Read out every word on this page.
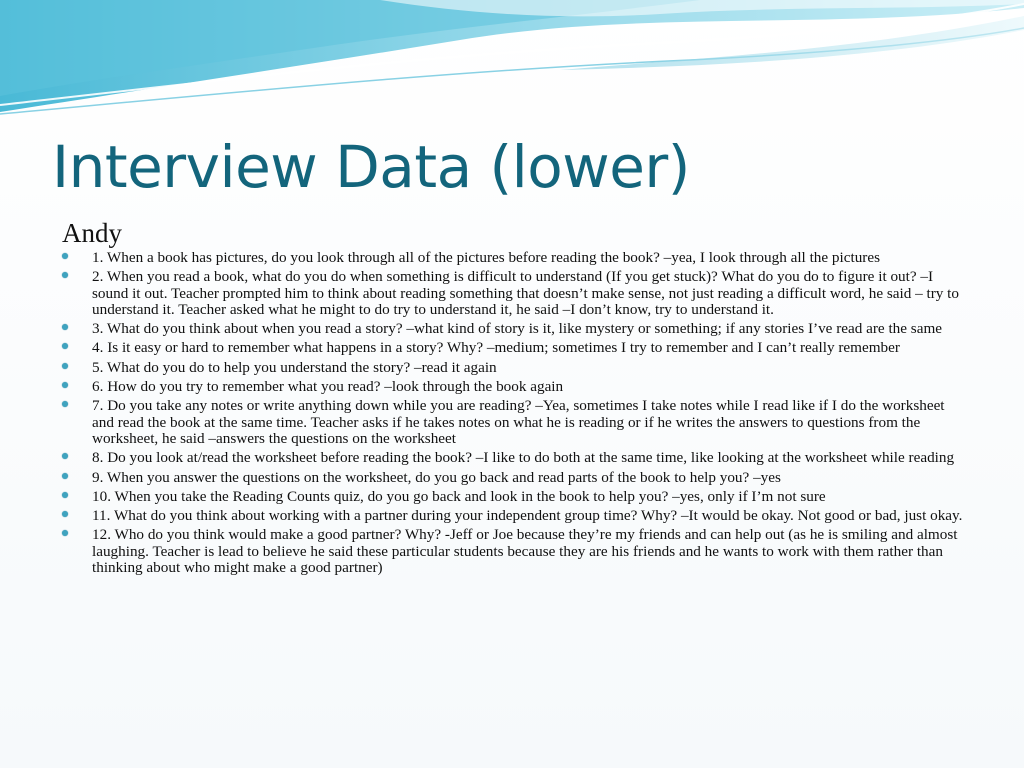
Interview Data (lower)
Andy
1. When a book has pictures, do you look through all of the pictures before reading the book? –yea, I look through all the pictures
2. When you read a book, what do you do when something is difficult to understand (If you get stuck)? What do you do to figure it out? –I sound it out. Teacher prompted him to think about reading something that doesn’t make sense, not just reading a difficult word, he said – try to understand it. Teacher asked what he might to do try to understand it, he said –I don’t know, try to understand it.
3. What do you think about when you read a story? –what kind of story is it, like mystery or something; if any stories I’ve read are the same
4. Is it easy or hard to remember what happens in a story? Why? –medium; sometimes I try to remember and I can’t really remember
5. What do you do to help you understand the story? –read it again
6. How do you try to remember what you read? –look through the book again
7. Do you take any notes or write anything down while you are reading? –Yea, sometimes I take notes while I read like if I do the worksheet and read the book at the same time. Teacher asks if he takes notes on what he is reading or if he writes the answers to questions from the worksheet, he said –answers the questions on the worksheet
8. Do you look at/read the worksheet before reading the book? –I like to do both at the same time, like looking at the worksheet while reading
9. When you answer the questions on the worksheet, do you go back and read parts of the book to help you? –yes
10. When you take the Reading Counts quiz, do you go back and look in the book to help you? –yes, only if I’m not sure
11. What do you think about working with a partner during your independent group time? Why? –It would be okay. Not good or bad, just okay.
12. Who do you think would make a good partner? Why? -Jeff or Joe because they’re my friends and can help out (as he is smiling and almost laughing. Teacher is lead to believe he said these particular students because they are his friends and he wants to work with them rather than thinking about who might make a good partner)
